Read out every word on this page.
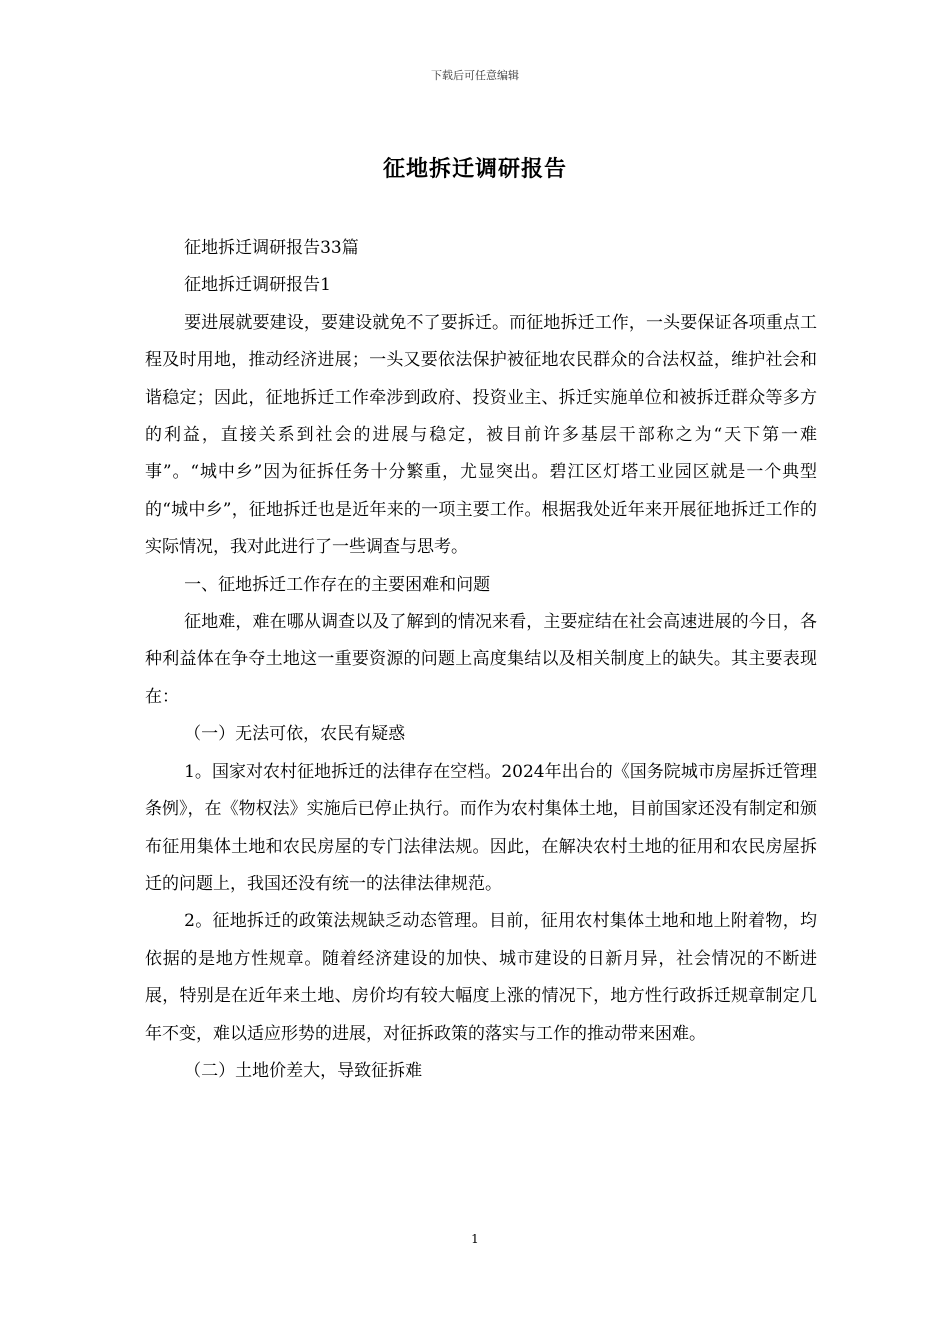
下载后可任意编辑
征地拆迁调研报告

征地拆迁调研报告33篇

征地拆迁调研报告1

要进展就要建设，要建设就免不了要拆迁。而征地拆迁工作，一头要保证各项重点工程及时用地，推动经济进展；一头又要依法保护被征地农民群众的合法权益，维护社会和谐稳定；因此，征地拆迁工作牵涉到政府、投资业主、拆迁实施单位和被拆迁群众等多方的利益，直接关系到社会的进展与稳定，被目前许多基层干部称之为“天下第一难事”。“城中乡”因为征拆任务十分繁重，尤显突出。碧江区灯塔工业园区就是一个典型的“城中乡”，征地拆迁也是近年来的一项主要工作。根据我处近年来开展征地拆迁工作的实际情况，我对此进行了一些调查与思考。

一、征地拆迁工作存在的主要困难和问题

征地难，难在哪从调查以及了解到的情况来看，主要症结在社会高速进展的今日，各种利益体在争夺土地这一重要资源的问题上高度集结以及相关制度上的缺失。其主要表现在：

（一）无法可依，农民有疑惑

1。国家对农村征地拆迁的法律存在空档。2024年出台的《国务院城市房屋拆迁管理条例》，在《物权法》实施后已停止执行。而作为农村集体土地，目前国家还没有制定和颁布征用集体土地和农民房屋的专门法律法规。因此，在解决农村土地的征用和农民房屋拆迁的问题上，我国还没有统一的法律法律规范。

2。征地拆迁的政策法规缺乏动态管理。目前，征用农村集体土地和地上附着物，均依据的是地方性规章。随着经济建设的加快、城市建设的日新月异，社会情况的不断进展，特别是在近年来土地、房价均有较大幅度上涨的情况下，地方性行政拆迁规章制定几年不变，难以适应形势的进展，对征拆政策的落实与工作的推动带来困难。

（二）土地价差大，导致征拆难

1
